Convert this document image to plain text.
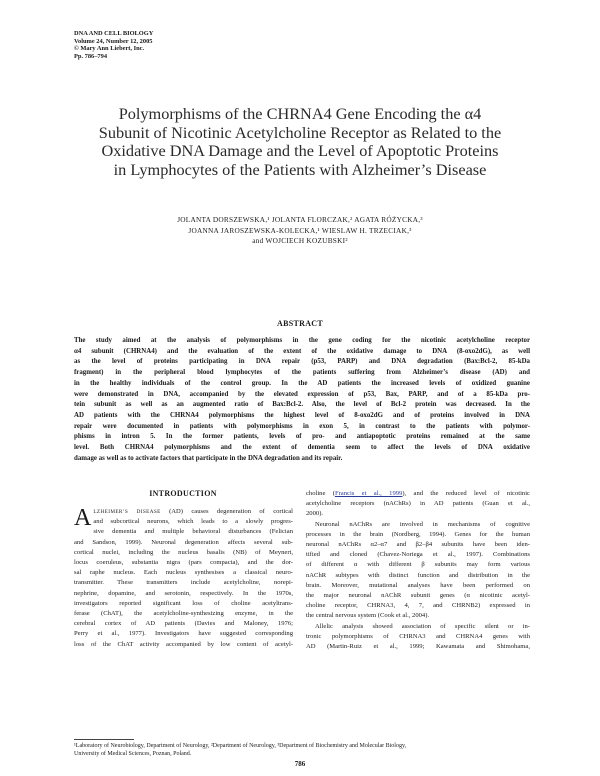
DNA AND CELL BIOLOGY
Volume 24, Number 12, 2005
© Mary Ann Liebert, Inc.
Pp. 786–794
Polymorphisms of the CHRNA4 Gene Encoding the α4
Subunit of Nicotinic Acetylcholine Receptor as Related to the
Oxidative DNA Damage and the Level of Apoptotic Proteins
in Lymphocytes of the Patients with Alzheimer’s Disease
JOLANTA DORSZEWSKA,¹ JOLANTA FLORCZAK,² AGATA RÓŻYCKA,³
JOANNA JAROSZEWSKA-KOLECKA,¹ WIESLAW H. TRZECIAK,³
and WOJCIECH KOZUBSKI²
ABSTRACT
The study aimed at the analysis of polymorphisms in the gene coding for the nicotinic acetylcholine receptor
α4 subunit (CHRNA4) and the evaluation of the extent of the oxidative damage to DNA (8-oxo2dG), as well
as the level of proteins participating in DNA repair (p53, PARP) and DNA degradation (Bax:Bcl-2, 85-kDa
fragment) in the peripheral blood lymphocytes of the patients suffering from Alzheimer’s disease (AD) and
in the healthy individuals of the control group. In the AD patients the increased levels of oxidized guanine
were demonstrated in DNA, accompanied by the elevated expression of p53, Bax, PARP, and of a 85-kDa pro-
tein subunit as well as an augmented ratio of Bax:Bcl-2. Also, the level of Bcl-2 protein was decreased. In the
AD patients with the CHRNA4 polymorphisms the highest level of 8-oxo2dG and of proteins involved in DNA
repair were documented in patients with polymorphisms in exon 5, in contrast to the patients with polymor-
phisms in intron 5. In the former patients, levels of pro- and antiapoptotic proteins remained at the same
level. Both CHRNA4 polymorphisms and the extent of dementia seem to affect the levels of DNA oxidative
damage as well as to activate factors that participate in the DNA degradation and its repair.
INTRODUCTION
A LZHEIMER’S DISEASE (AD) causes degeneration of cortical
and subcortical neurons, which leads to a slowly progres-
sive dementia and multiple behavioral disturbances (Felician
and Sandson, 1999). Neuronal degeneration affects several sub-
cortical nuclei, including the nucleus basalis (NB) of Meynert,
locus coeruleus, substantia nigra (pars compacta), and the dor-
sal raphe nucleus. Each nucleus synthesises a classical neuro-
transmitter. These transmitters include acetylcholine, norepi-
nephrine, dopamine, and serotonin, respectively. In the 1970s,
investigators reported significant loss of choline acetyltrans-
ferase (ChAT), the acetylcholine-synthesizing enzyme, in the
cerebral cortex of AD patients (Davies and Maloney, 1976;
Perry et al., 1977). Investigators have suggested corresponding
loss of the ChAT activity accompanied by low content of acetyl-
choline (Francis et al., 1999), and the reduced level of nicotinic
acetylcholine receptors (nAChRs) in AD patients (Guan et al.,
2000).
Neuronal nAChRs are involved in mechanisms of cognitive
processes in the brain (Nordberg, 1994). Genes for the human
neuronal nAChRs α2–α7 and β2–β4 subunits have been iden-
tified and cloned (Chavez-Noriega et al., 1997). Combinations
of different α with different β subunits may form various
nAChR subtypes with distinct function and distribution in the
brain. Moreover, mutational analyses have been performed on
the major neuronal nAChR subunit genes (α nicotinic acetyl-
choline receptor, CHRNA3, 4, 7, and CHRNB2) expressed in
the central nervous system (Cook et al., 2004).
Allelic analysis showed association of specific silent or in-
tronic polymorphisms of CHRNA3 and CHRNA4 genes with
AD (Martin-Ruiz et al., 1999; Kawamata and Shimohama,
¹Laboratory of Neurobiology, Department of Neurology, ²Department of Neurology, ³Department of Biochemistry and Molecular Biology,
University of Medical Sciences, Poznan, Poland.
786
